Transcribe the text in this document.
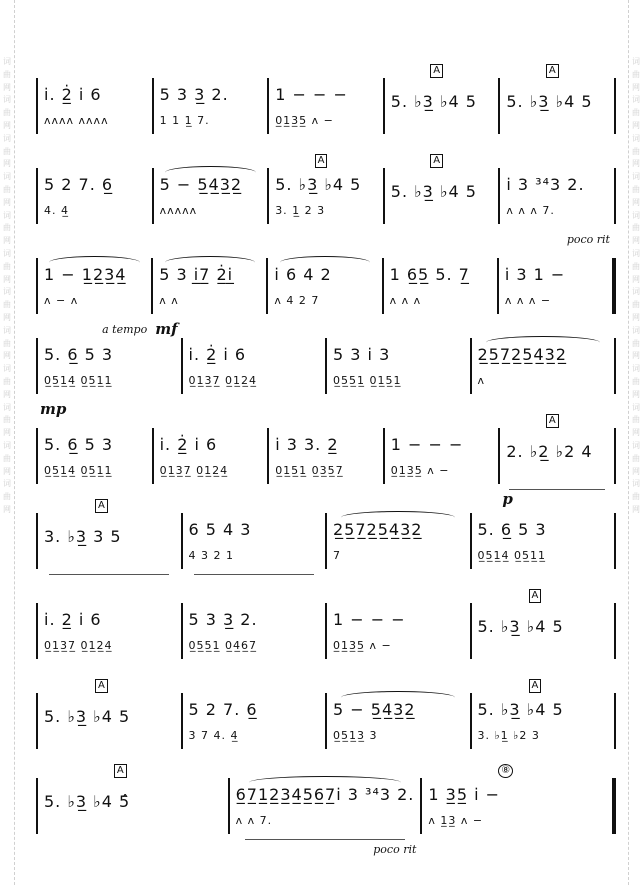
词
曲
网
词
曲
网
词
曲
网
词
曲
网
词
曲
网
词
曲
网
词
曲
网
词
曲
网
词
曲
网
词
曲
网
词
曲
网
词
曲
网
词
曲
网
词
曲
网
词
曲
网
词
曲
网
词
曲
网
词
曲
网
词
曲
网
词
曲
网
词
曲
网
词
曲
网
词
曲
网
词
曲
网
i̇. 2̲̇ i̇ 6
ʌʌʌʌ ʌʌʌʌ
5 3 3̲ 2.
1 1 1̲ 7.
1 − − −
0̲1̲3̲5̲ ʌ −
A
5. ♭3̲ ♭4 5
A
5. ♭3̲ ♭4 5
5 2 7. 6̲
4. 4̲
5 − 5̲4̲3̲2̲
ʌʌʌʌʌ
A
5. ♭3̲ ♭4 5
3. 1̲ 2 3
A
5. ♭3̲ ♭4 5	i̇ 3 ³⁴3 2.
ʌ ʌ ʌ 7.
poco rit
1 − 1̲2̲3̲4̲
ʌ − ʌ
a tempo
5 3 i̲̇7̲ 2̲̇i̲̇
ʌ ʌ
mf
i̇ 6 4 2
ʌ 4 2 7
1 6̲5̲ 5. 7̲
ʌ ʌ ʌ
i̇ 3 1 −
ʌ ʌ ʌ −
5. 6̲ 5 3
0̲5̲1̲4̲ 0̲5̲1̲1̲
mp
i̇. 2̲̇ i̇ 6
0̲1̲3̲7̲ 0̲1̲2̲4̲
5 3 i̇ 3
0̲5̲5̲1̲ 0̲1̲5̲1̲
2̲5̲7̲2̲5̲4̲3̲2̲
ʌ
5. 6̲ 5 3
0̲5̲1̲4̲ 0̲5̲1̲1̲
i̇. 2̲̇ i̇ 6
0̲1̲3̲7̲ 0̲1̲2̲4̲
i̇ 3 3. 2̲
0̲1̲5̲1̲ 0̲3̲5̲7̲
1 − − −
0̲1̲3̲5̲ ʌ −
A
2. ♭2̲ ♭2 4
p
A
3. ♭3̲ 3 5	6 5 4 3
4 3 2 1
2̲5̲7̲2̲5̲4̲3̲2̲
7
5. 6̲ 5 3
0̲5̲1̲4̲ 0̲5̲1̲1̲
i̇. 2̲ i̇ 6
0̲1̲3̲7̲ 0̲1̲2̲4̲
5 3 3̲ 2.
0̲5̲5̲1̲ 0̲4̲6̲7̲
1 − − −
0̲1̲3̲5̲ ʌ −
A
5. ♭3̲ ♭4 5
A
5. ♭3̲ ♭4 5	5 2 7. 6̲
3 7 4. 4̲
5 − 5̲4̲3̲2̲
0̲5̲1̲3̲ 3
A
5. ♭3̲ ♭4 5
3. ♭1̲ ♭2 3
A
5. ♭3̲ ♭4 5̂	6̲7̲1̲2̲3̲4̲5̲6̲7̲i̇ 3 ³⁴3 2.
ʌ ʌ 7.
poco rit
⑧
1 3̲5̲ i̇ −
ʌ 1̲3̲ ʌ −
